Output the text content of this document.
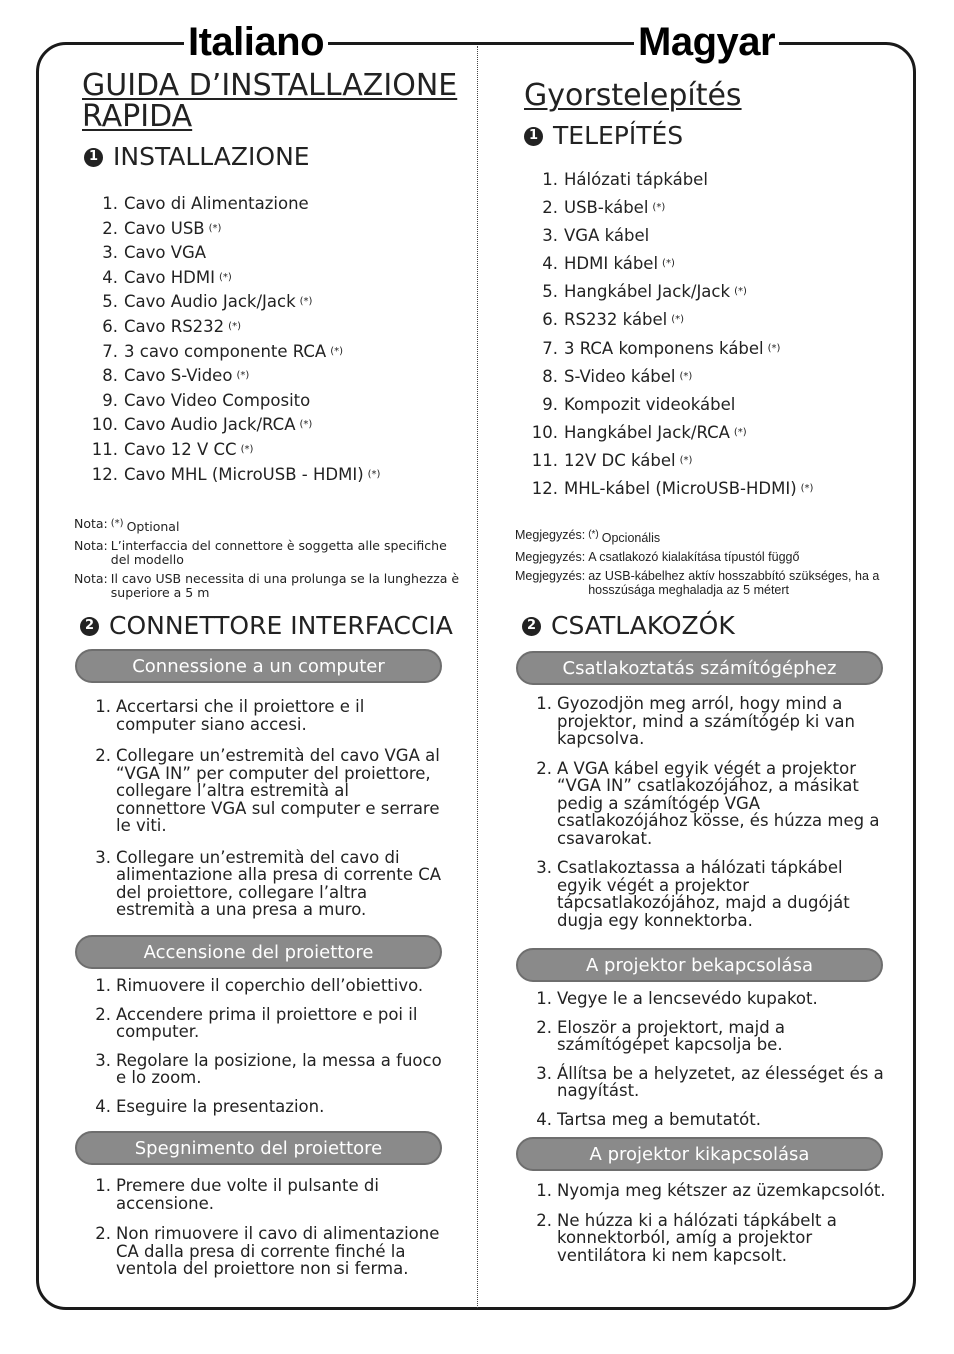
Italiano	Magyar
GUIDA D’INSTALLAZIONE RAPIDA
1 INSTALLAZIONE
1. Cavo di Alimentazione
2. Cavo USB (*)
3. Cavo VGA
4. Cavo HDMI (*)
5. Cavo Audio Jack/Jack (*)
6. Cavo RS232 (*)
7. 3 cavo componente RCA (*)
8. Cavo S-Video (*)
9. Cavo Video Composito
10. Cavo Audio Jack/RCA (*)
11. Cavo 12 V CC (*)
12. Cavo MHL (MicroUSB - HDMI) (*)
Nota: (*) Optional
Nota: L’interfaccia del connettore è soggetta alle specifiche del modello
Nota: Il cavo USB necessita di una prolunga se la lunghezza è superiore a 5 m
2 CONNETTORE INTERFACCIA
Connessione a un computer
1. Accertarsi che il proiettore e il computer siano accesi.
2. Collegare un’estremità del cavo VGA al “VGA IN” per computer del proiettore, collegare l’altra estremità al connettore VGA sul computer e serrare le viti.
3. Collegare un’estremità del cavo di alimentazione alla presa di corrente CA del proiettore, collegare l’altra estremità a una presa a muro.
Accensione del proiettore
1. Rimuovere il coperchio dell’obiettivo.
2. Accendere prima il proiettore e poi il computer.
3. Regolare la posizione, la messa a fuoco e lo zoom.
4. Eseguire la presentazion.
Spegnimento del proiettore
1. Premere due volte il pulsante di accensione.
2. Non rimuovere il cavo di alimentazione CA dalla presa di corrente finché la ventola del proiettore non si ferma.
Gyorstelepítés
1 TELEPÍTÉS
1. Hálózati tápkábel
2. USB-kábel (*)
3. VGA kábel
4. HDMI kábel (*)
5. Hangkábel Jack/Jack (*)
6. RS232 kábel (*)
7. 3 RCA komponens kábel (*)
8. S-Video kábel (*)
9. Kompozit videokábel
10. Hangkábel Jack/RCA (*)
11. 12V DC kábel (*)
12. MHL-kábel (MicroUSB-HDMI) (*)
Megjegyzés: (*) Opcionális
Megjegyzés: A csatlakozó kialakítása típustól függő
Megjegyzés: az USB-kábelhez aktív hosszabbító szükséges, ha a hosszúsága meghaladja az 5 métert
2 CSATLAKOZÓK
Csatlakoztatás számítógéphez
1. Gyozodjön meg arról, hogy mind a projektor, mind a számítógép ki van kapcsolva.
2. A VGA kábel egyik végét a projektor “VGA IN” csatlakozójához, a másikat pedig a számítógép VGA csatlakozójához kösse, és húzza meg a csavarokat.
3. Csatlakoztassa a hálózati tápkábel egyik végét a projektor tápcsatlakozójához, majd a dugóját dugja egy konnektorba.
A projektor bekapcsolása
1. Vegye le a lencsevédo kupakot.
2. Eloször a projektort, majd a számítógépet kapcsolja be.
3. Állítsa be a helyzetet, az élességet és a nagyítást.
4. Tartsa meg a bemutatót.
A projektor kikapcsolása
1. Nyomja meg kétszer az üzemkapcsolót.
2. Ne húzza ki a hálózati tápkábelt a konnektorból, amíg a projektor ventilátora ki nem kapcsolt.
